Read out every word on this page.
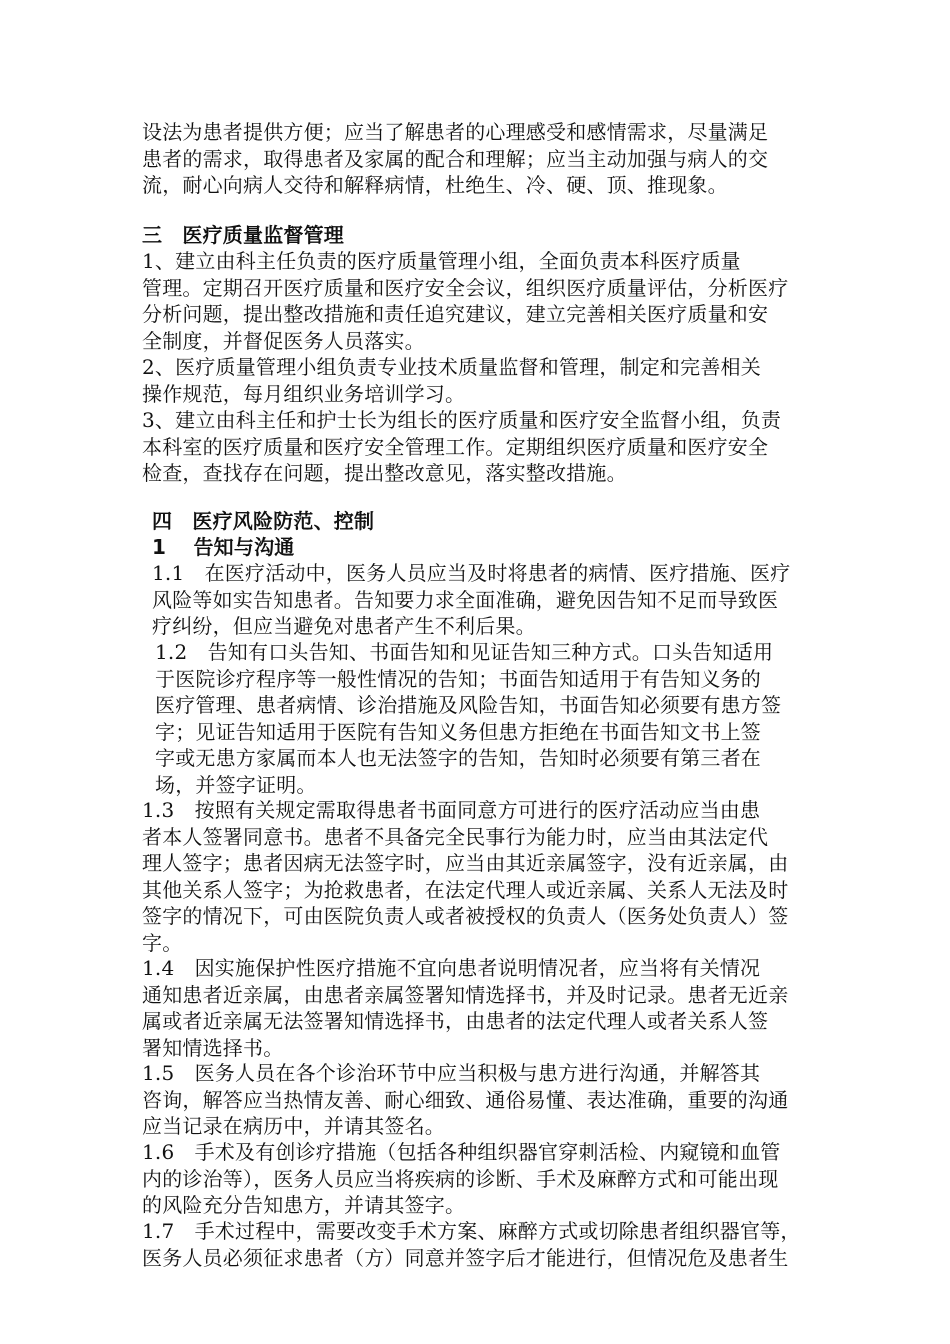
设法为患者提供方便；应当了解患者的心理感受和感情需求，尽量满足
患者的需求，取得患者及家属的配合和理解；应当主动加强与病人的交
流，耐心向病人交待和解释病情，杜绝生、冷、硬、顶、推现象。
三　医疗质量监督管理
1、建立由科主任负责的医疗质量管理小组，全面负责本科医疗质量
管理。定期召开医疗质量和医疗安全会议，组织医疗质量评估，分析医疗
分析问题，提出整改措施和责任追究建议，建立完善相关医疗质量和安
全制度，并督促医务人员落实。
2、医疗质量管理小组负责专业技术质量监督和管理，制定和完善相关
操作规范，每月组织业务培训学习。
3、建立由科主任和护士长为组长的医疗质量和医疗安全监督小组，负责
本科室的医疗质量和医疗安全管理工作。定期组织医疗质量和医疗安全
检查，查找存在问题，提出整改意见，落实整改措施。
四　医疗风险防范、控制
1　 告知与沟通
1.1　在医疗活动中，医务人员应当及时将患者的病情、医疗措施、医疗
风险等如实告知患者。告知要力求全面准确，避免因告知不足而导致医
疗纠纷，但应当避免对患者产生不利后果。
1.2　告知有口头告知、书面告知和见证告知三种方式。口头告知适用
于医院诊疗程序等一般性情况的告知；书面告知适用于有告知义务的
医疗管理、患者病情、诊治措施及风险告知，书面告知必须要有患方签
字；见证告知适用于医院有告知义务但患方拒绝在书面告知文书上签
字或无患方家属而本人也无法签字的告知，告知时必须要有第三者在
场，并签字证明。
1.3　按照有关规定需取得患者书面同意方可进行的医疗活动应当由患
者本人签署同意书。患者不具备完全民事行为能力时，应当由其法定代
理人签字；患者因病无法签字时，应当由其近亲属签字，没有近亲属，由
其他关系人签字；为抢救患者，在法定代理人或近亲属、关系人无法及时
签字的情况下，可由医院负责人或者被授权的负责人（医务处负责人）签
字。
1.4　因实施保护性医疗措施不宜向患者说明情况者，应当将有关情况
通知患者近亲属，由患者亲属签署知情选择书，并及时记录。患者无近亲
属或者近亲属无法签署知情选择书，由患者的法定代理人或者关系人签
署知情选择书。
1.5　医务人员在各个诊治环节中应当积极与患方进行沟通，并解答其
咨询，解答应当热情友善、耐心细致、通俗易懂、表达准确，重要的沟通
应当记录在病历中，并请其签名。
1.6　手术及有创诊疗措施（包括各种组织器官穿刺活检、内窥镜和血管
内的诊治等），医务人员应当将疾病的诊断、手术及麻醉方式和可能出现
的风险充分告知患方，并请其签字。
1.7　手术过程中，需要改变手术方案、麻醉方式或切除患者组织器官等，
医务人员必须征求患者（方）同意并签字后才能进行，但情况危及患者生
